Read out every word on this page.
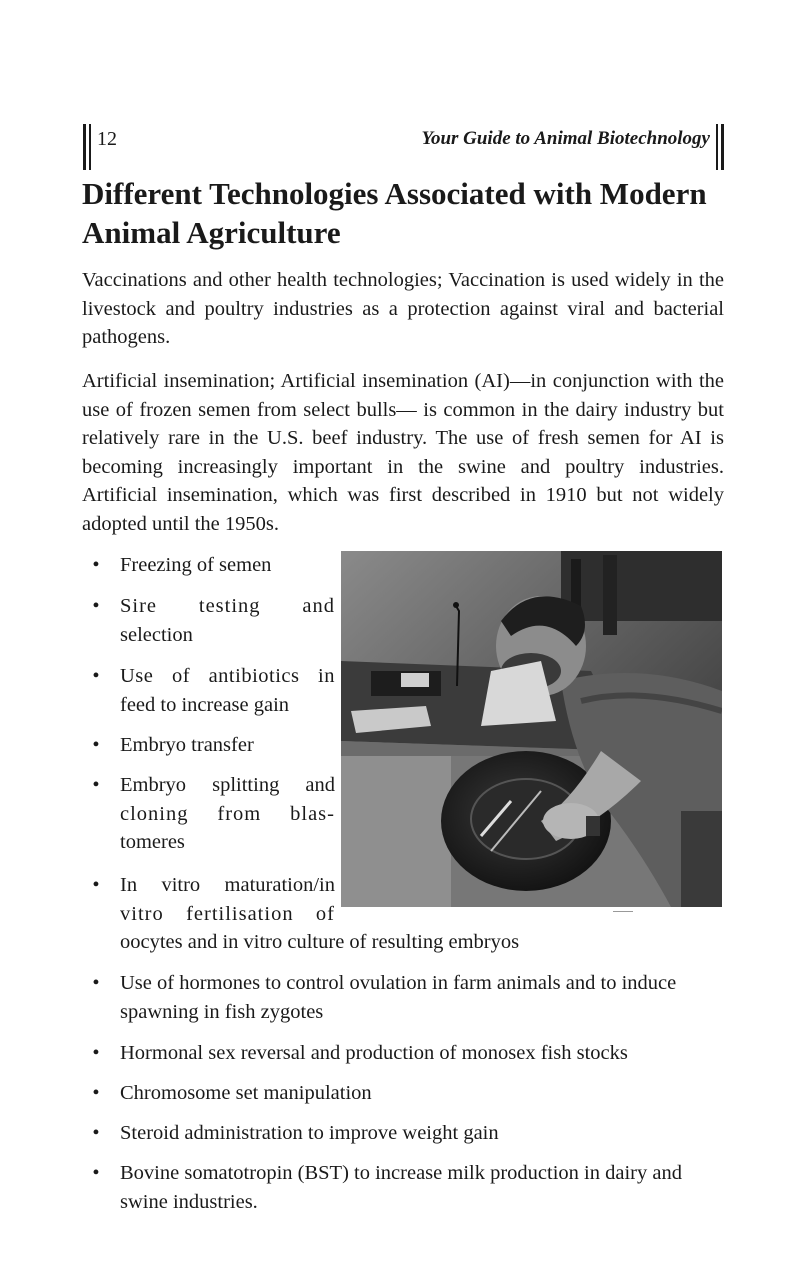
12	Your Guide to Animal Biotechnology
Different Technologies Associated with Modern Animal Agriculture

Vaccinations and other health technologies; Vaccination is used widely in the livestock and poultry industries as a protection against viral and bacterial pathogens.

Artificial insemination; Artificial insemination (AI)—in conjunction with the use of frozen semen from select bulls— is common in the dairy industry but relatively rare in the U.S. beef industry. The use of fresh semen for AI is becoming increasingly important in the swine and poultry industries. Artificial insemination, which was first described in 1910 but not widely adopted until the 1950s.

• Freezing of semen
• Sire testing and
selection
• Use of antibiotics in
feed to increase gain
• Embryo transfer
• Embryo splitting and
cloning from blas-
tomeres
• In vitro maturation/in
vitro fertilisation of
oocytes and in vitro culture of resulting embryos
• Use of hormones to control ovulation in farm animals and to induce spawning in fish zygotes
• Hormonal sex reversal and production of monosex fish stocks
• Chromosome set manipulation
• Steroid administration to improve weight gain
• Bovine somatotropin (BST) to increase milk production in dairy and swine industries.
